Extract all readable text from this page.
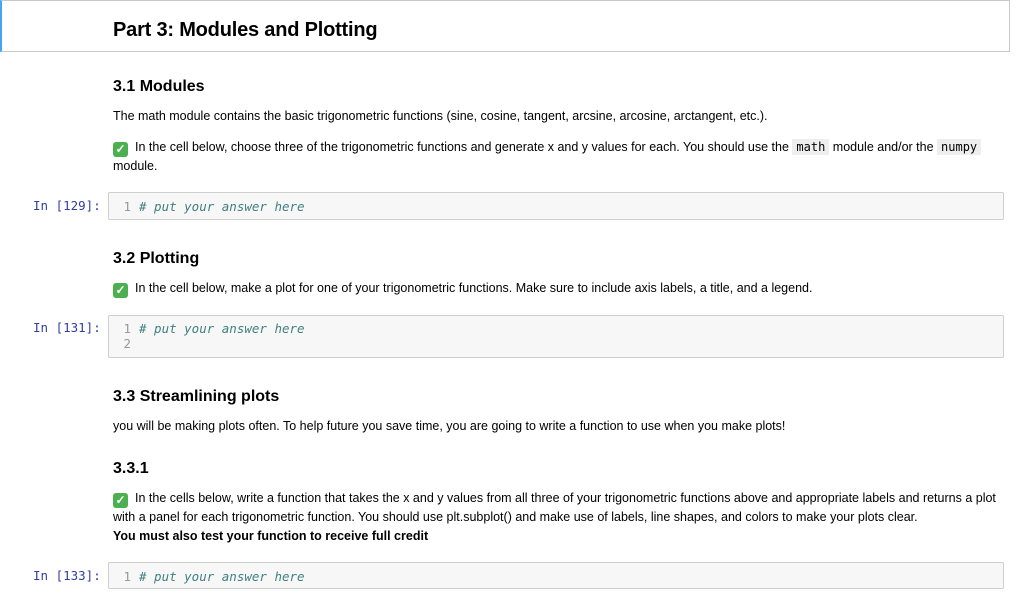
Part 3: Modules and Plotting
3.1 Modules
The math module contains the basic trigonometric functions (sine, cosine, tangent, arcsine, arcosine, arctangent, etc.).
✓ In the cell below, choose three of the trigonometric functions and generate x and y values for each. You should use the math module and/or the numpy module.
In [129]:	1 # put your answer here
3.2 Plotting
✓ In the cell below, make a plot for one of your trigonometric functions. Make sure to include axis labels, a title, and a legend.
In [131]:	1 # put your answer here
2
3.3 Streamlining plots
you will be making plots often. To help future you save time, you are going to write a function to use when you make plots!
3.3.1
✓ In the cells below, write a function that takes the x and y values from all three of your trigonometric functions above and appropriate labels and returns a plot with a panel for each trigonometric function. You should use plt.subplot() and make use of labels, line shapes, and colors to make your plots clear.
You must also test your function to receive full credit
In [133]:	1 # put your answer here
